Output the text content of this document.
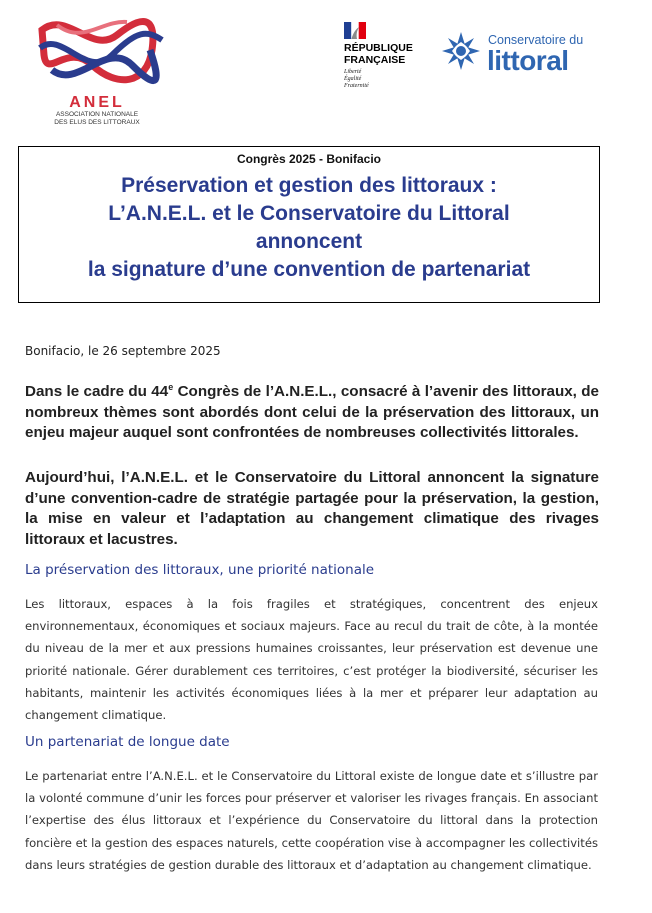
ANEL
ASSOCIATION NATIONALE
DES ELUS DES LITTORAUX
RÉPUBLIQUE
FRANÇAISE
Liberté
Égalité
Fraternité
Conservatoire du
littoral
Congrès 2025 - Bonifacio
Préservation et gestion des littoraux :
L’A.N.E.L. et le Conservatoire du Littoral
annoncent
la signature d’une convention de partenariat
Bonifacio, le 26 septembre 2025
Dans le cadre du 44e Congrès de l’A.N.E.L., consacré à l’avenir des littoraux, de nombreux thèmes sont abordés dont celui de la préservation des littoraux, un enjeu majeur auquel sont confrontées de nombreuses collectivités littorales.
Aujourd’hui, l’A.N.E.L. et le Conservatoire du Littoral annoncent la signature d’une convention-cadre de stratégie partagée pour la préservation, la gestion, la mise en valeur et l’adaptation au changement climatique des rivages littoraux et lacustres.
La préservation des littoraux, une priorité nationale
Les littoraux, espaces à la fois fragiles et stratégiques, concentrent des enjeux environnementaux, économiques et sociaux majeurs. Face au recul du trait de côte, à la montée du niveau de la mer et aux pressions humaines croissantes, leur préservation est devenue une priorité nationale. Gérer durablement ces territoires, c’est protéger la biodiversité, sécuriser les habitants, maintenir les activités économiques liées à la mer et préparer leur adaptation au changement climatique.
Un partenariat de longue date
Le partenariat entre l’A.N.E.L. et le Conservatoire du Littoral existe de longue date et s’illustre par la volonté commune d’unir les forces pour préserver et valoriser les rivages français. En associant l’expertise des élus littoraux et l’expérience du Conservatoire du littoral dans la protection foncière et la gestion des espaces naturels, cette coopération vise à accompagner les collectivités dans leurs stratégies de gestion durable des littoraux et d’adaptation au changement climatique.
